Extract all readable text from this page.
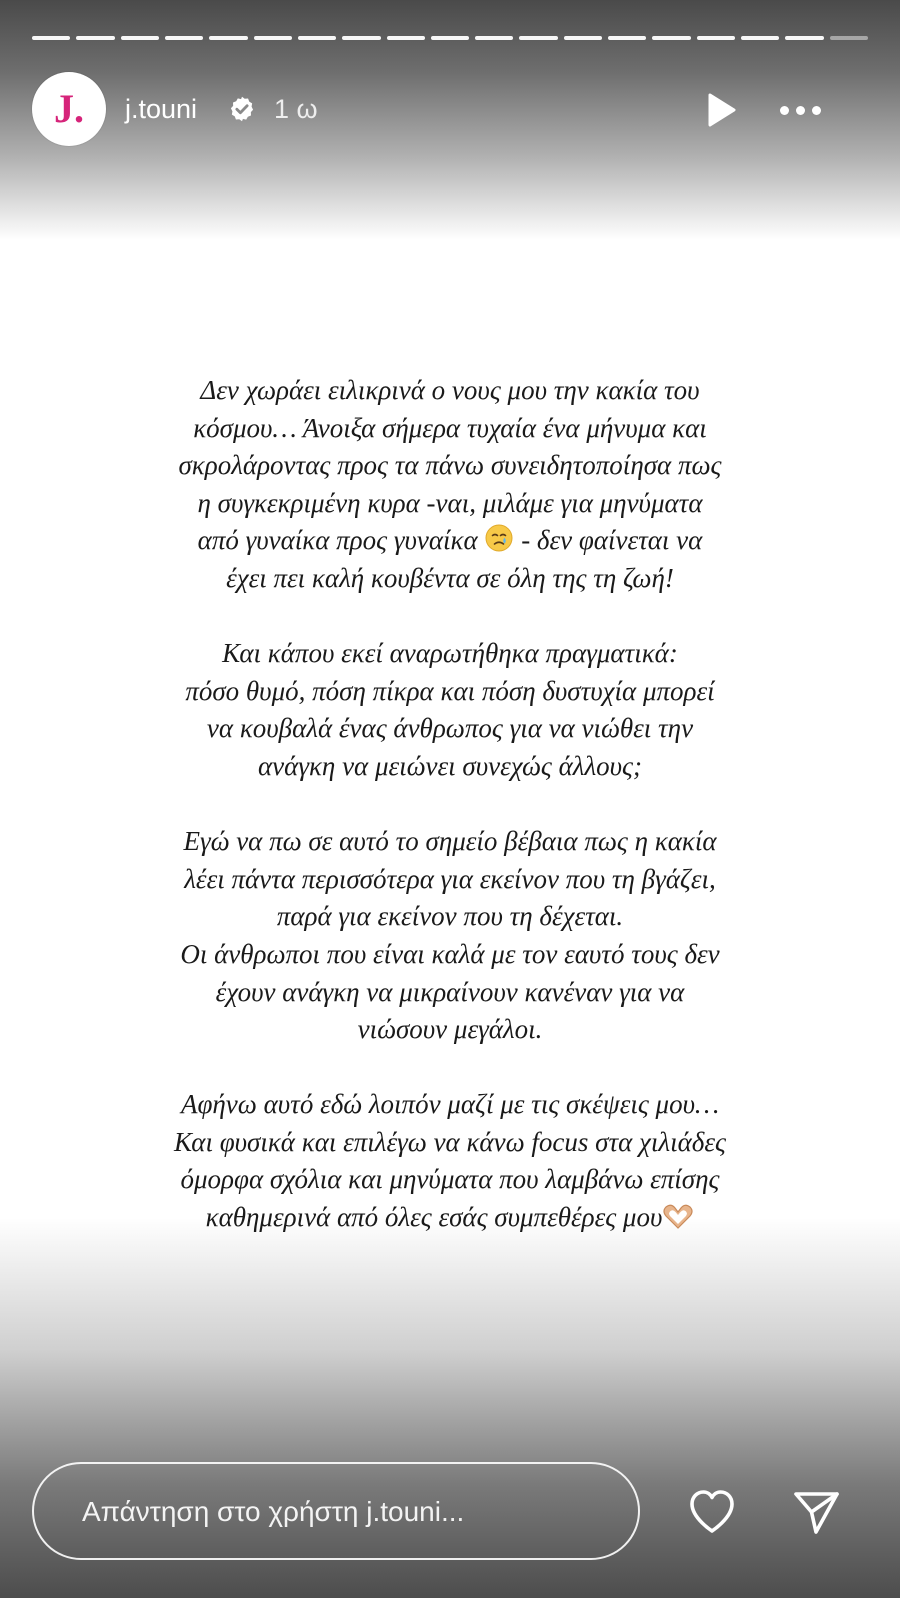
J. j.touni	1 ω

Δεν χωράει ειλικρινά ο νους μου την κακία του
κόσμου… Άνοιξα σήμερα τυχαία ένα μήνυμα και
σκρολάροντας προς τα πάνω συνειδητοποίησα πως
η συγκεκριμένη κυρα -ναι, μιλάμε για μηνύματα
από γυναίκα προς γυναίκα - δεν φαίνεται να
έχει πει καλή κουβέντα σε όλη της τη ζωή!

Και κάπου εκεί αναρωτήθηκα πραγματικά:
πόσο θυμό, πόση πίκρα και πόση δυστυχία μπορεί
να κουβαλά ένας άνθρωπος για να νιώθει την
ανάγκη να μειώνει συνεχώς άλλους;

Εγώ να πω σε αυτό το σημείο βέβαια πως η κακία
λέει πάντα περισσότερα για εκείνον που τη βγάζει,
παρά για εκείνον που τη δέχεται.
Οι άνθρωποι που είναι καλά με τον εαυτό τους δεν
έχουν ανάγκη να μικραίνουν κανέναν για να
νιώσουν μεγάλοι.

Αφήνω αυτό εδώ λοιπόν μαζί με τις σκέψεις μου…
Και φυσικά και επιλέγω να κάνω focus στα χιλιάδες
όμορφα σχόλια και μηνύματα που λαμβάνω επίσης
καθημερινά από όλες εσάς συμπεθέρες μου

Απάντηση στο χρήστη j.touni...
